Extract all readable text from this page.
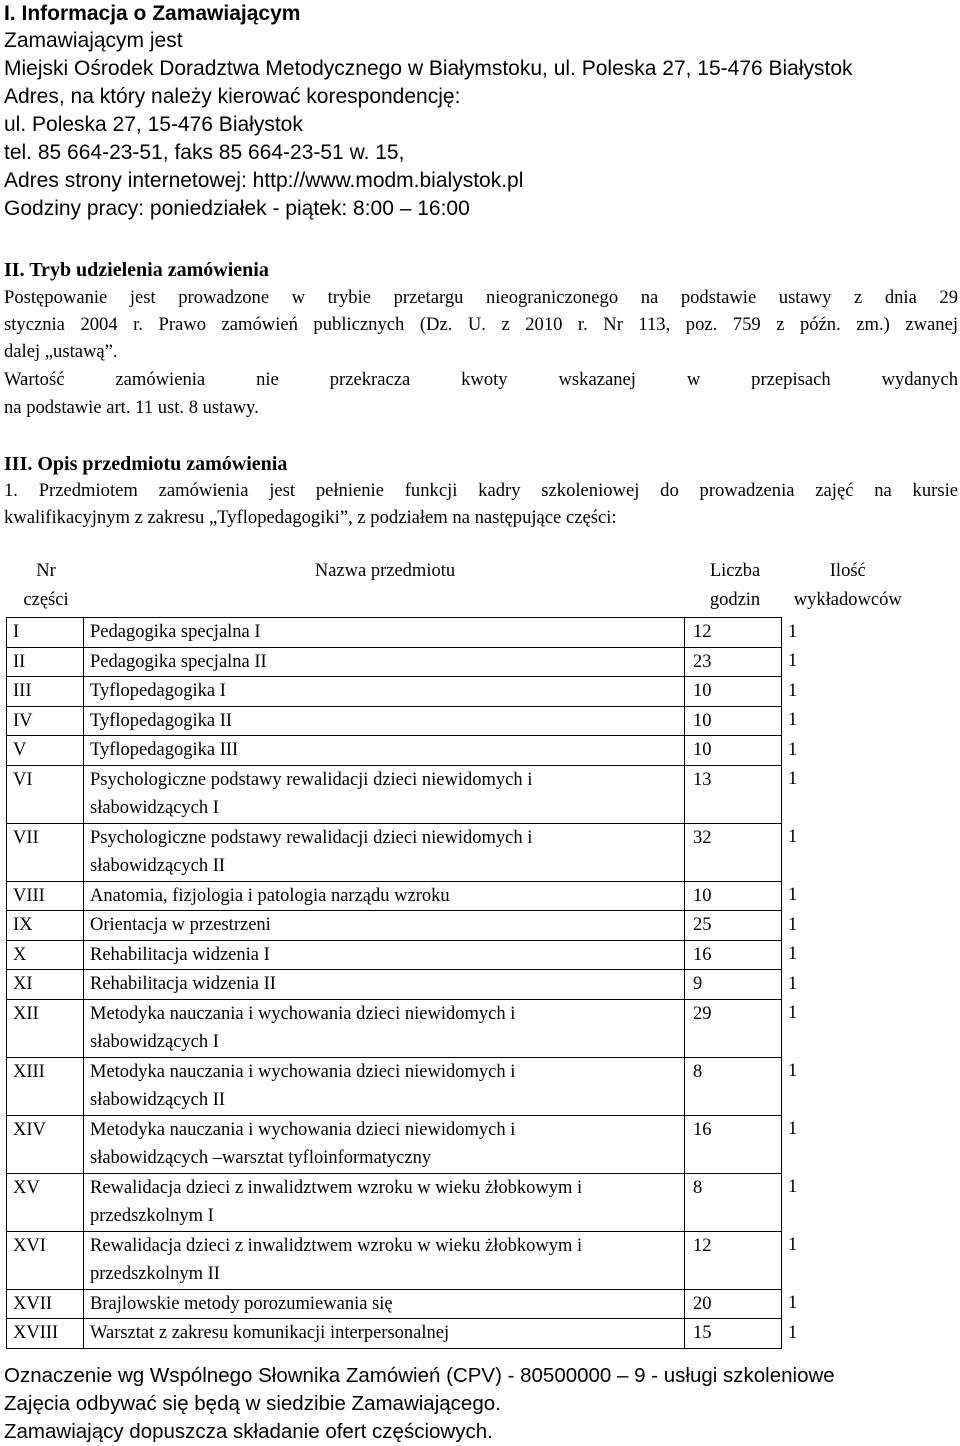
I. Informacja o Zamawiającym
Zamawiającym jest
Miejski Ośrodek Doradztwa Metodycznego w Białymstoku, ul. Poleska 27, 15-476 Białystok
Adres, na który należy kierować korespondencję:
ul. Poleska 27, 15-476 Białystok
tel. 85 664-23-51, faks 85 664-23-51 w. 15,
Adres strony internetowej: http://www.modm.bialystok.pl
Godziny pracy: poniedziałek - piątek: 8:00 – 16:00
II. Tryb udzielenia zamówienia
Postępowanie jest prowadzone w trybie przetargu nieograniczonego na podstawie ustawy z dnia 29
stycznia 2004 r. Prawo zamówień publicznych (Dz. U. z 2010 r. Nr 113, poz. 759 z późn. zm.) zwanej
dalej „ustawą”.
Wartość zamówienia nie przekracza kwoty wskazanej w przepisach wydanych
na podstawie art. 11 ust. 8 ustawy.
III. Opis przedmiotu zamówienia
1. Przedmiotem zamówienia jest pełnienie funkcji kadry szkoleniowej do prowadzenia zajęć na kursie
kwalifikacyjnym z zakresu „Tyflopedagogiki”, z podziałem na następujące części:
Nr
części	Nazwa przedmiotu	Liczba
godzin	Ilość
wykładowców

I	Pedagogika specjalna I	12	1
II	Pedagogika specjalna II	23	1
III	Tyflopedagogika I	10	1
IV	Tyflopedagogika II	10	1
V	Tyflopedagogika III	10	1
VI	Psychologiczne podstawy rewalidacji dzieci niewidomych i
słabowidzących I	13	1
VII	Psychologiczne podstawy rewalidacji dzieci niewidomych i
słabowidzących II	32	1
VIII	Anatomia, fizjologia i patologia narządu wzroku	10	1
IX	Orientacja w przestrzeni	25	1
X	Rehabilitacja widzenia I	16	1
XI	Rehabilitacja widzenia II	9	1
XII	Metodyka nauczania i wychowania dzieci niewidomych i
słabowidzących I	29	1
XIII	Metodyka nauczania i wychowania dzieci niewidomych i
słabowidzących II	8	1
XIV	Metodyka nauczania i wychowania dzieci niewidomych i
słabowidzących –warsztat tyfloinformatyczny	16	1
XV	Rewalidacja dzieci z inwalidztwem wzroku w wieku żłobkowym i
przedszkolnym I	8	1
XVI	Rewalidacja dzieci z inwalidztwem wzroku w wieku żłobkowym i
przedszkolnym II	12	1
XVII	Brajlowskie metody porozumiewania się	20	1
XVIII	Warsztat z zakresu komunikacji interpersonalnej	15	1
Oznaczenie wg Wspólnego Słownika Zamówień (CPV) - 80500000 – 9 - usługi szkoleniowe
Zajęcia odbywać się będą w siedzibie Zamawiającego.
Zamawiający dopuszcza składanie ofert częściowych.
